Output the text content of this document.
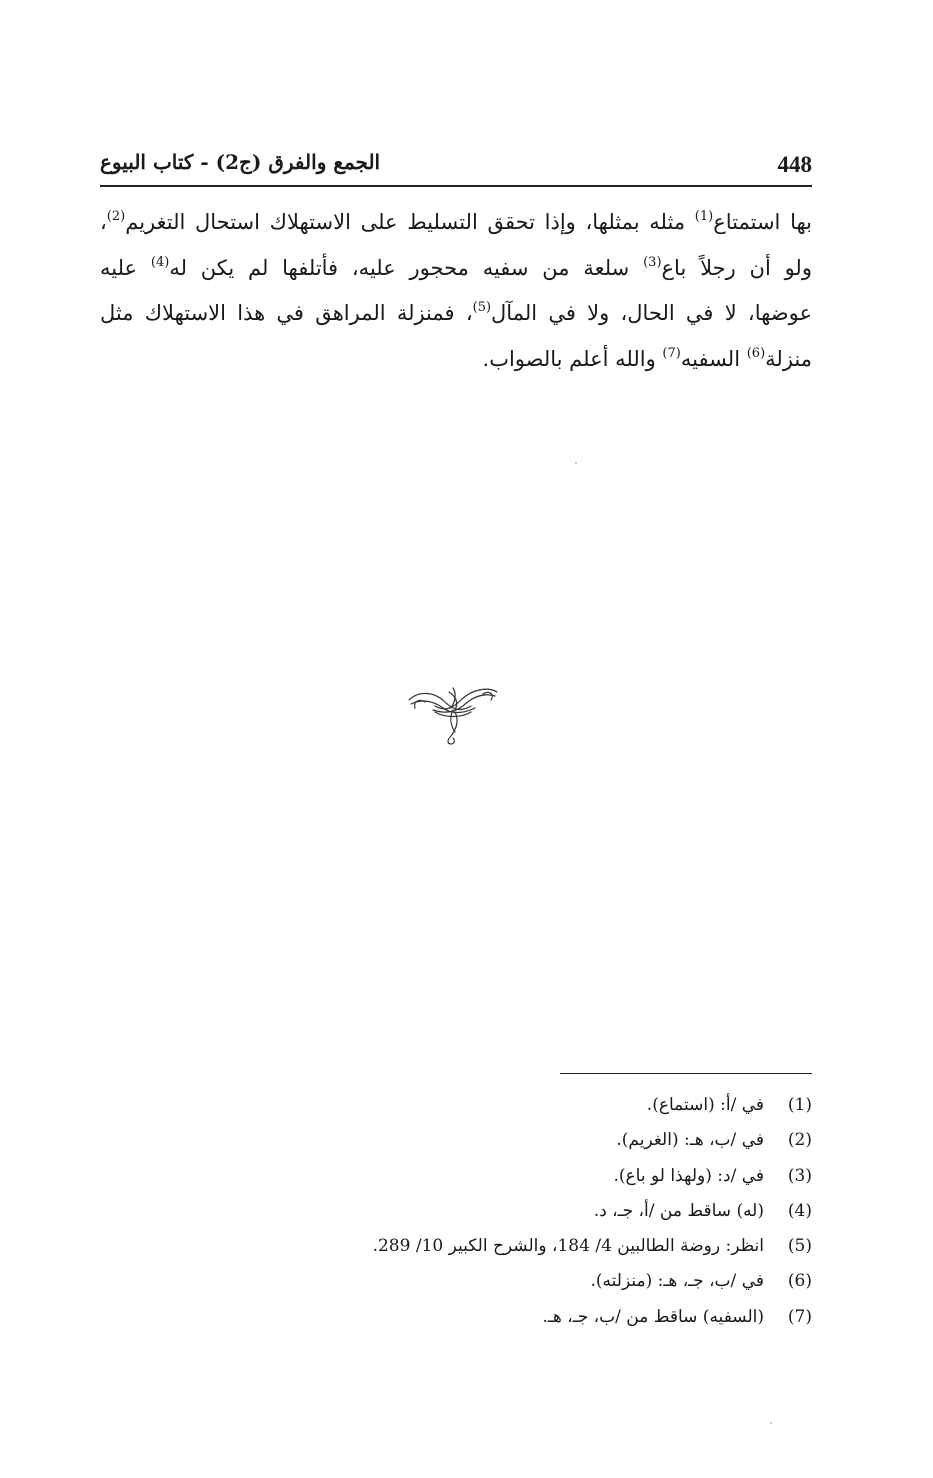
448
الجمع والفرق (ج2) - كتاب البيوع
بها استمتاع$^{(1)}$ مثله بمثلها، وإذا تحقق التسليط على الاستهلاك استحال التغريم$^{(2)}$،
ولو أن رجلاً باع$^{(3)}$ سلعة من سفيه محجور عليه، فأتلفها لم يكن له$^{(4)}$ عليه
عوضها، لا في الحال، ولا في المآل$^{(5)}$، فمنزلة المراهق في هذا الاستهلاك مثل
منزلة$^{(6)}$ السفيه$^{(7)}$ والله أعلم بالصواب.
(1)
في /أ: (استماع).
(2)
في /ب، هـ: (الغريم).
(3)
في /د: (ولهذا لو باع).
(4)
(له) ساقط من /أ، جـ، د.
(5)
انظر: روضة الطالبين 4/ 184، والشرح الكبير 10/ 289.
(6)
في /ب، جـ، هـ: (منزلته).
(7)
(السفيه) ساقط من /ب، جـ، هـ.
